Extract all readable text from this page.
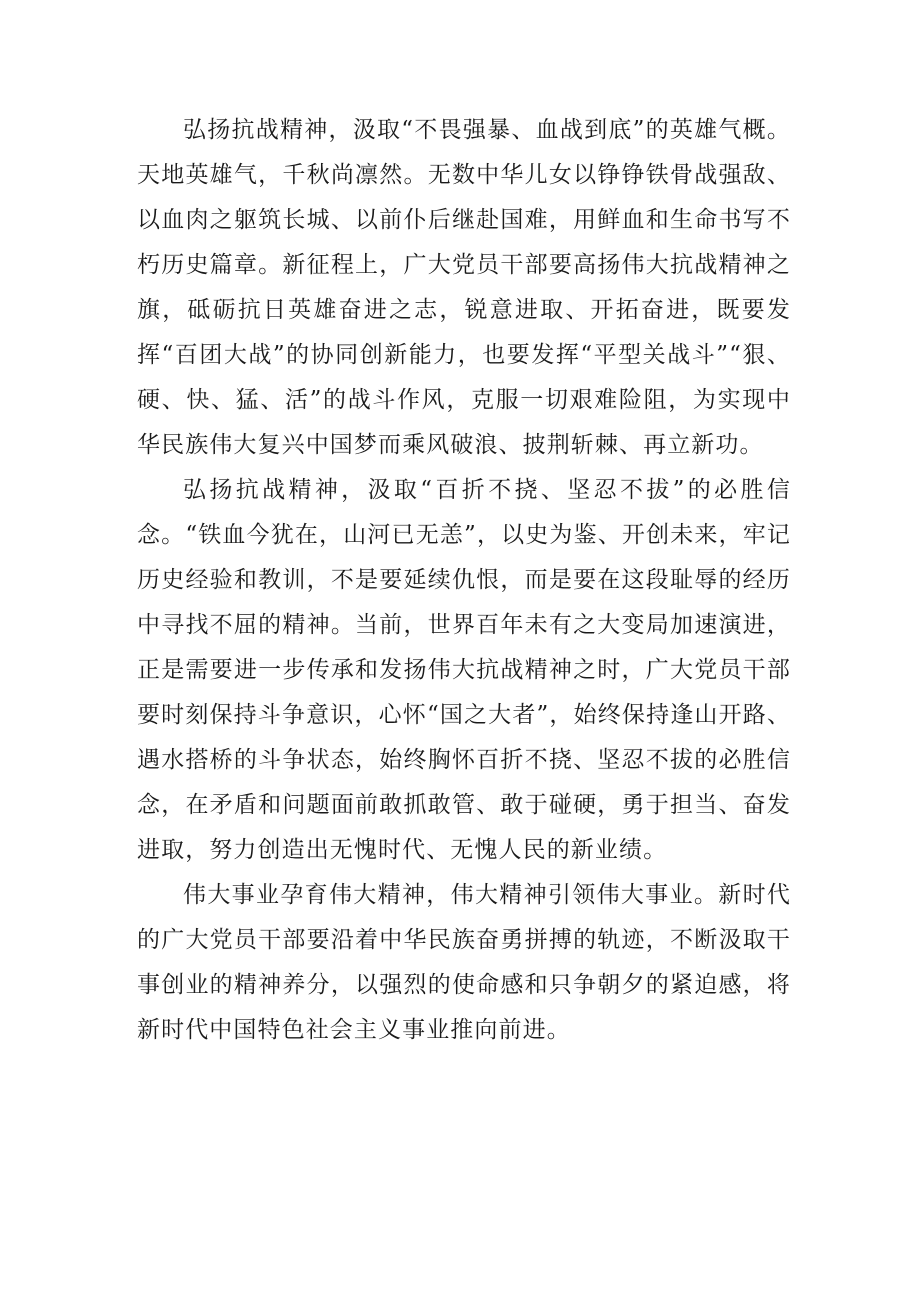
弘扬抗战精神，汲取“不畏强暴、血战到底”的英雄气概。天地英雄气，千秋尚凛然。无数中华儿女以铮铮铁骨战强敌、以血肉之躯筑长城、以前仆后继赴国难，用鲜血和生命书写不朽历史篇章。新征程上，广大党员干部要高扬伟大抗战精神之旗，砥砺抗日英雄奋进之志，锐意进取、开拓奋进，既要发挥“百团大战”的协同创新能力，也要发挥“平型关战斗”“狠、硬、快、猛、活”的战斗作风，克服一切艰难险阻，为实现中华民族伟大复兴中国梦而乘风破浪、披荆斩棘、再立新功。

弘扬抗战精神，汲取“百折不挠、坚忍不拔”的必胜信念。“铁血今犹在，山河已无恙”，以史为鉴、开创未来，牢记历史经验和教训，不是要延续仇恨，而是要在这段耻辱的经历中寻找不屈的精神。当前，世界百年未有之大变局加速演进，正是需要进一步传承和发扬伟大抗战精神之时，广大党员干部要时刻保持斗争意识，心怀“国之大者”，始终保持逢山开路、遇水搭桥的斗争状态，始终胸怀百折不挠、坚忍不拔的必胜信念，在矛盾和问题面前敢抓敢管、敢于碰硬，勇于担当、奋发进取，努力创造出无愧时代、无愧人民的新业绩。

伟大事业孕育伟大精神，伟大精神引领伟大事业。新时代的广大党员干部要沿着中华民族奋勇拼搏的轨迹，不断汲取干事创业的精神养分，以强烈的使命感和只争朝夕的紧迫感，将新时代中国特色社会主义事业推向前进。
